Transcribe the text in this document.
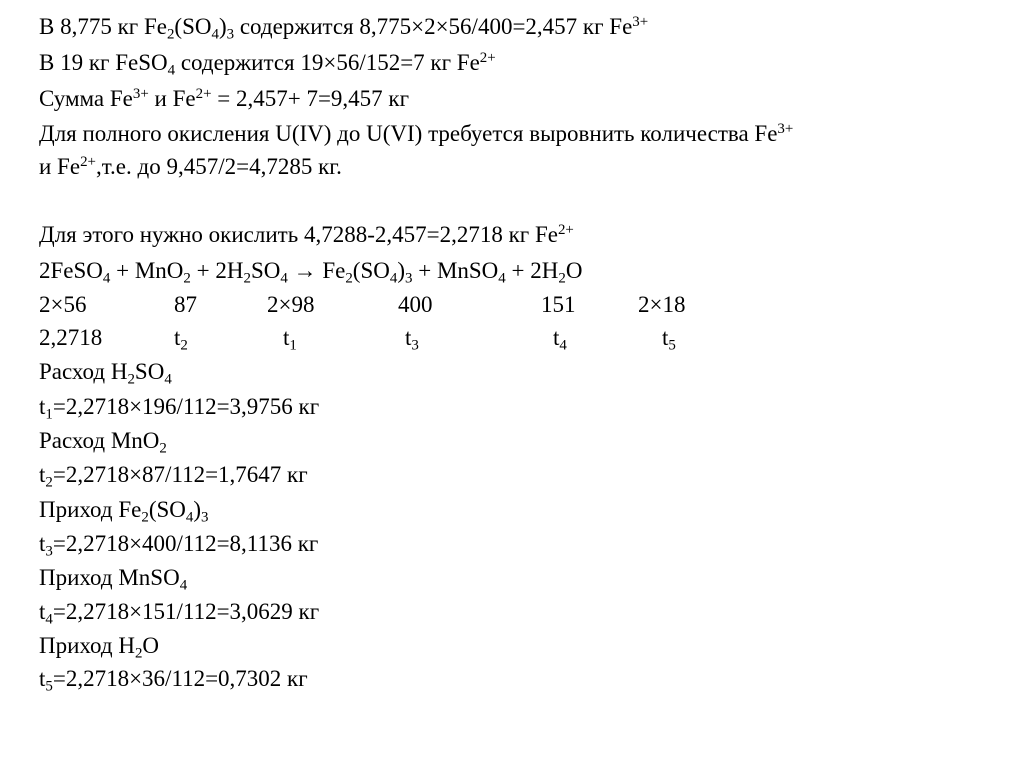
В 8,775 кг $Fe_2(SO_4)_3$ содержится 8,775×2×56/400=2,457 кг $Fe^{3+}$
В 19 кг FeSO$_4$ содержится 19×56/152=7 кг $Fe^{2+}$
Сумма $Fe^{3+}$ и $Fe^{2+} = 2,457+ 7=9,457$ кг
Для полного окисления U(IV) до U(VI) требуется выровнить количества $Fe^{3+}$
и $Fe^{2+},т.е$. до 9,457/2=4,7285 кг.
Для этого нужно окислить 4,7288-2,457=2,2718 кг $Fe^{2+}$
2FeSO$_4$ + $MnO_2 + 2H_2SO_4 \to Fe_2(SO_4)_3$ + MnSO$_4$ + $2H_2O$
2×56	87	2×98	400	151	2×18
2,2718	$t_2$	$t_1$	$t_3$	$t_4$	$t_5$
Расход $H_2SO_4$
$t_1=2,2718\times 196/112=3,9756$ кг
Расход MnO$_2$
$t_2=2,2718\times 87/112=1,7647$ кг
Приход $Fe_2(SO_4)_3$
$t_3=2,2718\times 400/112=8,1136$ кг
Приход MnSO$_4$
$t_4=2,2718\times 151/112=3,0629$ кг
Приход $H_2O$
$t_5=2,2718\times 36/112=0,7302$ кг
